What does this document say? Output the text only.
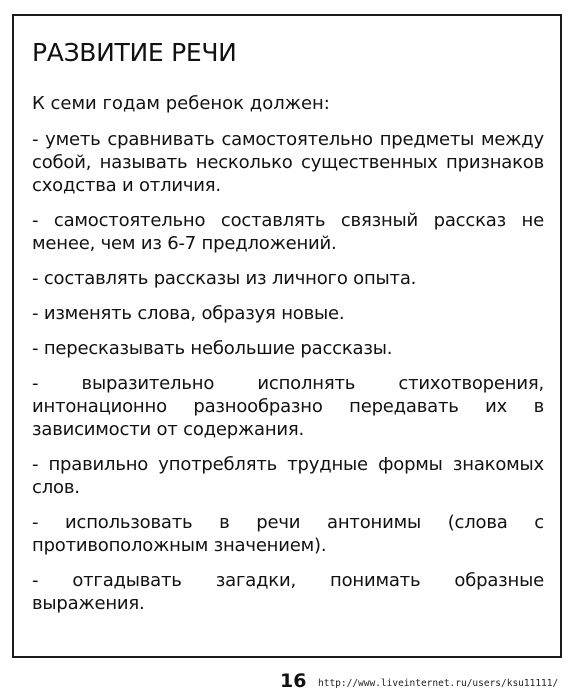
РАЗВИТИЕ РЕЧИ

К семи годам ребенок должен:

- уметь сравнивать самостоятельно предметы между собой, называть несколько существенных признаков сходства и отличия.

- самостоятельно составлять связный рассказ не менее, чем из 6-7 предложений.

- составлять рассказы из личного опыта.

- изменять слова, образуя новые.

- пересказывать небольшие рассказы.

- выразительно исполнять стихотворения, интонационно разнообразно передавать их в зависимости от содержания.

- правильно употреблять трудные формы знакомых слов.

- использовать в речи антонимы (слова с противоположным значением).

- отгадывать загадки, понимать образные выражения.

16 http://www.liveinternet.ru/users/ksu11111/
